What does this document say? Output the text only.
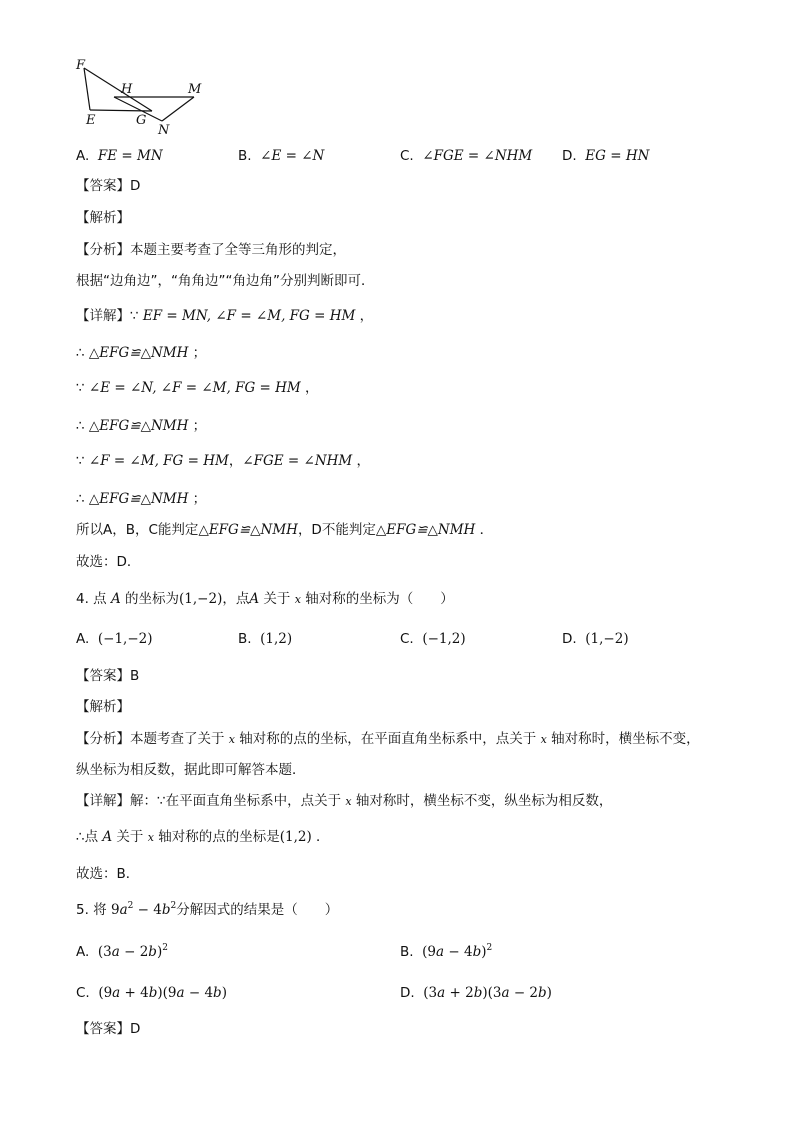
F
H	M
E	G
N
A. FE = MN	B. ∠E = ∠N	C. ∠FGE = ∠NHM D. EG = HN
【答案】D
【解析】
【分析】本题主要考查了全等三角形的判定，
根据“边角边”，“角角边”“角边角”分别判断即可．
【详解】∵ EF = MN, ∠F = ∠M, FG = HM ，
∴ △EFG≌△NMH ；
∵ ∠E = ∠N, ∠F = ∠M, FG = HM ，
∴ △EFG≌△NMH ；
∵ ∠F = ∠M, FG = HM，∠FGE = ∠NHM ，
∴ △EFG≌△NMH ；
所以A，B，C能判定△EFG≌△NMH，D不能判定△EFG≌△NMH ．
故选：D．
4. 点 A 的坐标为(1,−2)，点A 关于 x 轴对称的坐标为（　　）
A. (−1,−2)	B. (1,2)	C. (−1,2)	D. (1,−2)
【答案】B
【解析】
【分析】本题考查了关于 x 轴对称的点的坐标，在平面直角坐标系中，点关于 x 轴对称时，横坐标不变，
纵坐标为相反数，据此即可解答本题．
【详解】解：∵在平面直角坐标系中，点关于 x 轴对称时，横坐标不变，纵坐标为相反数，
∴点 A 关于 x 轴对称的点的坐标是(1,2) ．
故选：B．
5. 将 $9a^2 - 4b^2$分解因式的结果是（　　）
A. $(3a - 2b)^2$	B. $(9a - 4b)^2$
C. (9a + 4b)(9a − 4b)	D. (3a + 2b)(3a − 2b)
【答案】D
